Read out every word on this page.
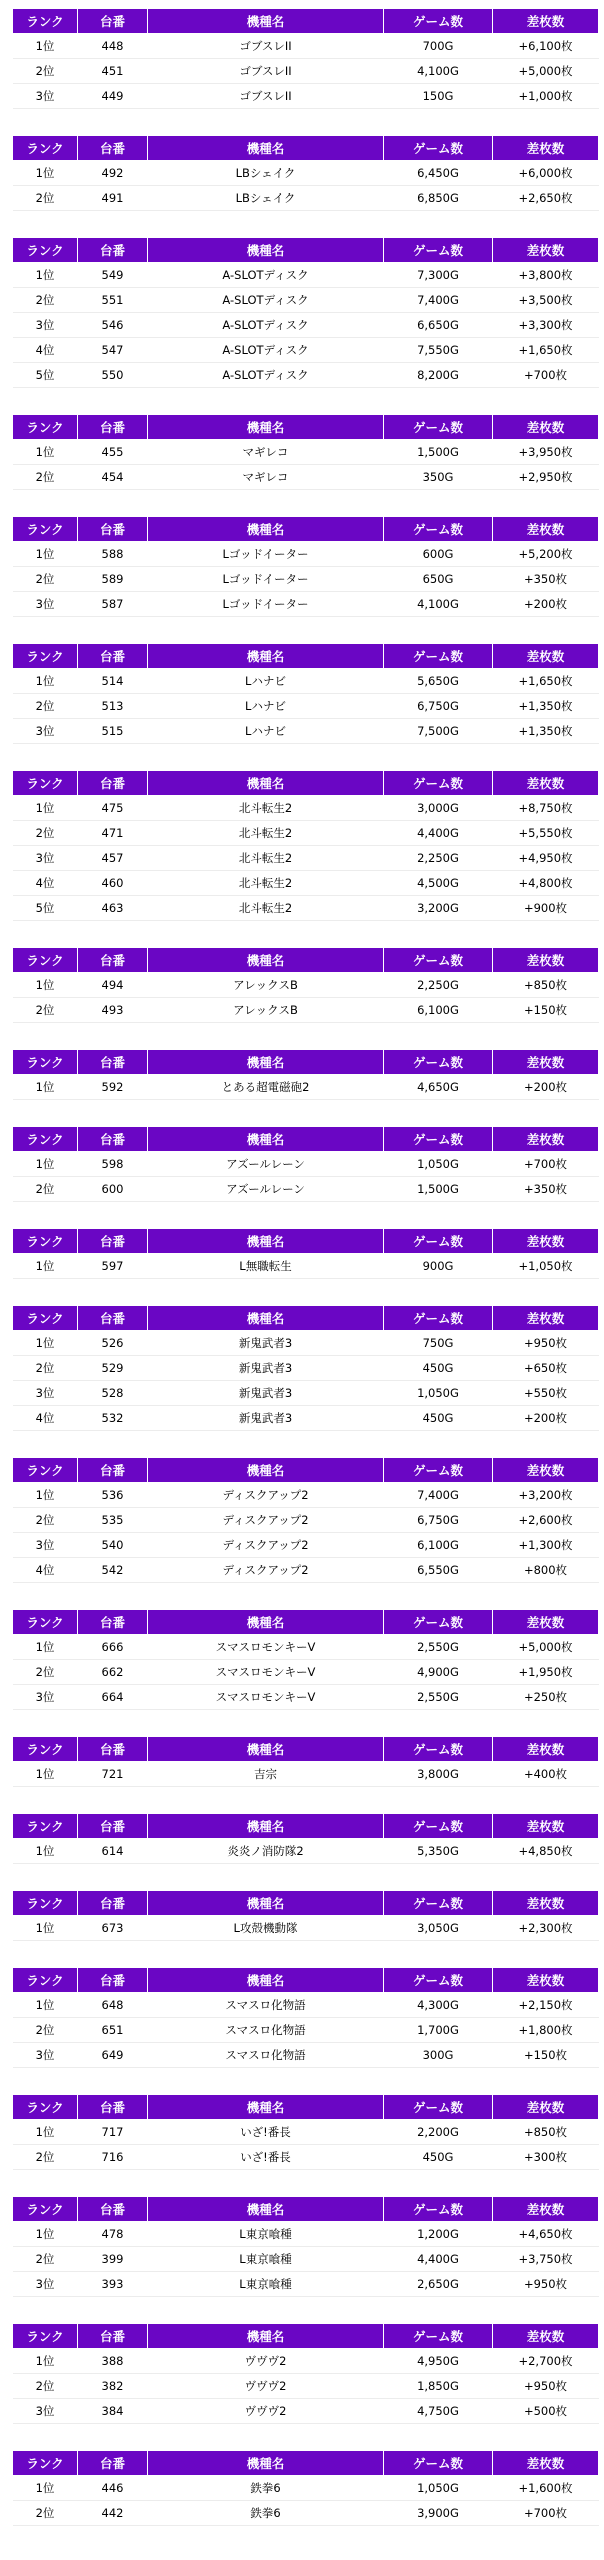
ランク	台番	機種名	ゲーム数	差枚数
1位	448	ゴブスレII	700G	+6,100枚
2位	451	ゴブスレII	4,100G	+5,000枚
3位	449	ゴブスレII	150G	+1,000枚
ランク	台番	機種名	ゲーム数	差枚数
1位	492	LBシェイク	6,450G	+6,000枚
2位	491	LBシェイク	6,850G	+2,650枚
ランク	台番	機種名	ゲーム数	差枚数
1位	549	A-SLOTディスク	7,300G	+3,800枚
2位	551	A-SLOTディスク	7,400G	+3,500枚
3位	546	A-SLOTディスク	6,650G	+3,300枚
4位	547	A-SLOTディスク	7,550G	+1,650枚
5位	550	A-SLOTディスク	8,200G	+700枚
ランク	台番	機種名	ゲーム数	差枚数
1位	455	マギレコ	1,500G	+3,950枚
2位	454	マギレコ	350G	+2,950枚
ランク	台番	機種名	ゲーム数	差枚数
1位	588	Lゴッドイーター	600G	+5,200枚
2位	589	Lゴッドイーター	650G	+350枚
3位	587	Lゴッドイーター	4,100G	+200枚
ランク	台番	機種名	ゲーム数	差枚数
1位	514	Lハナビ	5,650G	+1,650枚
2位	513	Lハナビ	6,750G	+1,350枚
3位	515	Lハナビ	7,500G	+1,350枚
ランク	台番	機種名	ゲーム数	差枚数
1位	475	北斗転生2	3,000G	+8,750枚
2位	471	北斗転生2	4,400G	+5,550枚
3位	457	北斗転生2	2,250G	+4,950枚
4位	460	北斗転生2	4,500G	+4,800枚
5位	463	北斗転生2	3,200G	+900枚
ランク	台番	機種名	ゲーム数	差枚数
1位	494	アレックスB	2,250G	+850枚
2位	493	アレックスB	6,100G	+150枚
ランク	台番	機種名	ゲーム数	差枚数
1位	592	とある超電磁砲2	4,650G	+200枚
ランク	台番	機種名	ゲーム数	差枚数
1位	598	アズールレーン	1,050G	+700枚
2位	600	アズールレーン	1,500G	+350枚
ランク	台番	機種名	ゲーム数	差枚数
1位	597	L無職転生	900G	+1,050枚
ランク	台番	機種名	ゲーム数	差枚数
1位	526	新鬼武者3	750G	+950枚
2位	529	新鬼武者3	450G	+650枚
3位	528	新鬼武者3	1,050G	+550枚
4位	532	新鬼武者3	450G	+200枚
ランク	台番	機種名	ゲーム数	差枚数
1位	536	ディスクアップ2	7,400G	+3,200枚
2位	535	ディスクアップ2	6,750G	+2,600枚
3位	540	ディスクアップ2	6,100G	+1,300枚
4位	542	ディスクアップ2	6,550G	+800枚
ランク	台番	機種名	ゲーム数	差枚数
1位	666	スマスロモンキーV	2,550G	+5,000枚
2位	662	スマスロモンキーV	4,900G	+1,950枚
3位	664	スマスロモンキーV	2,550G	+250枚
ランク	台番	機種名	ゲーム数	差枚数
1位	721	吉宗	3,800G	+400枚
ランク	台番	機種名	ゲーム数	差枚数
1位	614	炎炎ノ消防隊2	5,350G	+4,850枚
ランク	台番	機種名	ゲーム数	差枚数
1位	673	L攻殻機動隊	3,050G	+2,300枚
ランク	台番	機種名	ゲーム数	差枚数
1位	648	スマスロ化物語	4,300G	+2,150枚
2位	651	スマスロ化物語	1,700G	+1,800枚
3位	649	スマスロ化物語	300G	+150枚
ランク	台番	機種名	ゲーム数	差枚数
1位	717	いざ!番長	2,200G	+850枚
2位	716	いざ!番長	450G	+300枚
ランク	台番	機種名	ゲーム数	差枚数
1位	478	L東京喰種	1,200G	+4,650枚
2位	399	L東京喰種	4,400G	+3,750枚
3位	393	L東京喰種	2,650G	+950枚
ランク	台番	機種名	ゲーム数	差枚数
1位	388	ヴヴヴ2	4,950G	+2,700枚
2位	382	ヴヴヴ2	1,850G	+950枚
3位	384	ヴヴヴ2	4,750G	+500枚
ランク	台番	機種名	ゲーム数	差枚数
1位	446	鉄拳6	1,050G	+1,600枚
2位	442	鉄拳6	3,900G	+700枚
